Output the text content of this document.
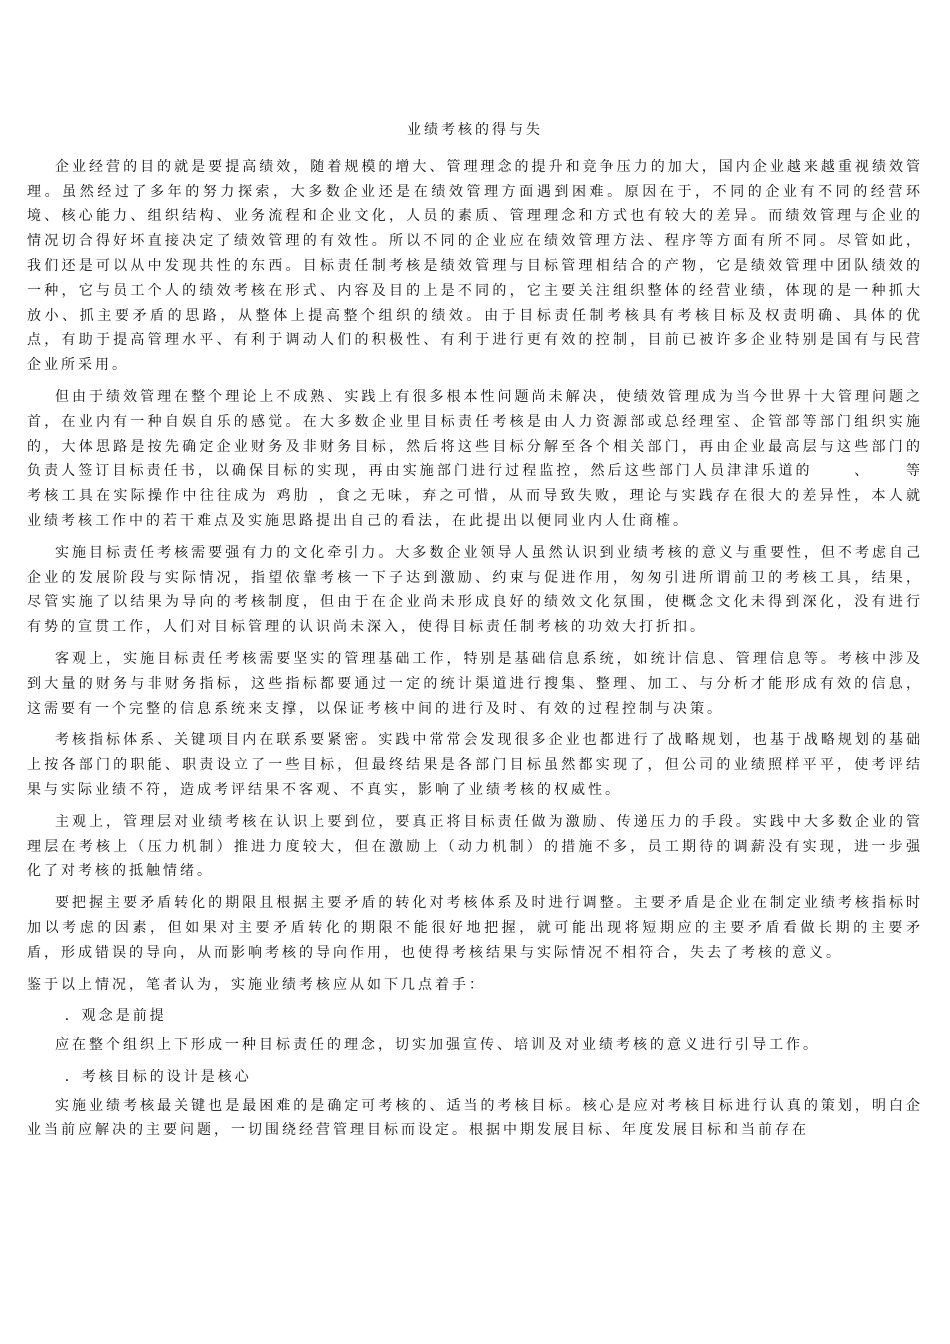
业绩考核的得与失

企业经营的目的就是要提高绩效，随着规模的增大、管理理念的提升和竞争压力的加大，国内企业越来越重视绩效管理。虽然经过了多年的努力探索，大多数企业还是在绩效管理方面遇到困难。原因在于，不同的企业有不同的经营环境、核心能力、组织结构、业务流程和企业文化，人员的素质、管理理念和方式也有较大的差异。而绩效管理与企业的情况切合得好坏直接决定了绩效管理的有效性。所以不同的企业应在绩效管理方法、程序等方面有所不同。尽管如此，我们还是可以从中发现共性的东西。目标责任制考核是绩效管理与目标管理相结合的产物，它是绩效管理中团队绩效的一种，它与员工个人的绩效考核在形式、内容及目的上是不同的，它主要关注组织整体的经营业绩，体现的是一种抓大放小、抓主要矛盾的思路，从整体上提高整个组织的绩效。由于目标责任制考核具有考核目标及权责明确、具体的优点，有助于提高管理水平、有利于调动人们的积极性、有利于进行更有效的控制，目前已被许多企业特别是国有与民营企业所采用。

但由于绩效管理在整个理论上不成熟、实践上有很多根本性问题尚未解决，使绩效管理成为当今世界十大管理问题之首，在业内有一种自娱自乐的感觉。在大多数企业里目标责任考核是由人力资源部或总经理室、企管部等部门组织实施的，大体思路是按先确定企业财务及非财务目标，然后将这些目标分解至各个相关部门，再由企业最高层与这些部门的负责人签订目标责任书，以确保目标的实现，再由实施部门进行过程监控，然后这些部门人员津津乐道的 　　、　　 等考核工具在实际操作中往往成为 鸡肋 ，食之无味，弃之可惜，从而导致失败，理论与实践存在很大的差异性，本人就业绩考核工作中的若干难点及实施思路提出自己的看法，在此提出以便同业内人仕商榷。

实施目标责任考核需要强有力的文化牵引力。大多数企业领导人虽然认识到业绩考核的意义与重要性，但不考虑自己企业的发展阶段与实际情况，指望依靠考核一下子达到激励、约束与促进作用，匆匆引进所谓前卫的考核工具，结果，尽管实施了以结果为导向的考核制度，但由于在企业尚未形成良好的绩效文化氛围，使概念文化未得到深化，没有进行有势的宣贯工作，人们对目标管理的认识尚未深入，使得目标责任制考核的功效大打折扣。

客观上，实施目标责任考核需要坚实的管理基础工作，特别是基础信息系统，如统计信息、管理信息等。考核中涉及到大量的财务与非财务指标，这些指标都要通过一定的统计渠道进行搜集、整理、加工、与分析才能形成有效的信息，这需要有一个完整的信息系统来支撑，以保证考核中间的进行及时、有效的过程控制与决策。

考核指标体系、关键项目内在联系要紧密。实践中常常会发现很多企业也都进行了战略规划，也基于战略规划的基础上按各部门的职能、职责设立了一些目标，但最终结果是各部门目标虽然都实现了，但公司的业绩照样平平，使考评结果与实际业绩不符，造成考评结果不客观、不真实，影响了业绩考核的权威性。

主观上，管理层对业绩考核在认识上要到位，要真正将目标责任做为激励、传递压力的手段。实践中大多数企业的管理层在考核上（压力机制）推进力度较大，但在激励上（动力机制）的措施不多，员工期待的调薪没有实现，进一步强化了对考核的抵触情绪。

要把握主要矛盾转化的期限且根据主要矛盾的转化对考核体系及时进行调整。主要矛盾是企业在制定业绩考核指标时加以考虑的因素，但如果对主要矛盾转化的期限不能很好地把握，就可能出现将短期应的主要矛盾看做长期的主要矛盾，形成错误的导向，从而影响考核的导向作用，也使得考核结果与实际情况不相符合，失去了考核的意义。

鉴于以上情况，笔者认为，实施业绩考核应从如下几点着手：

．观念是前提

应在整个组织上下形成一种目标责任的理念，切实加强宣传、培训及对业绩考核的意义进行引导工作。

．考核目标的设计是核心

实施业绩考核最关键也是最困难的是确定可考核的、适当的考核目标。核心是应对考核目标进行认真的策划，明白企业当前应解决的主要问题，一切围绕经营管理目标而设定。根据中期发展目标、年度发展目标和当前存在
